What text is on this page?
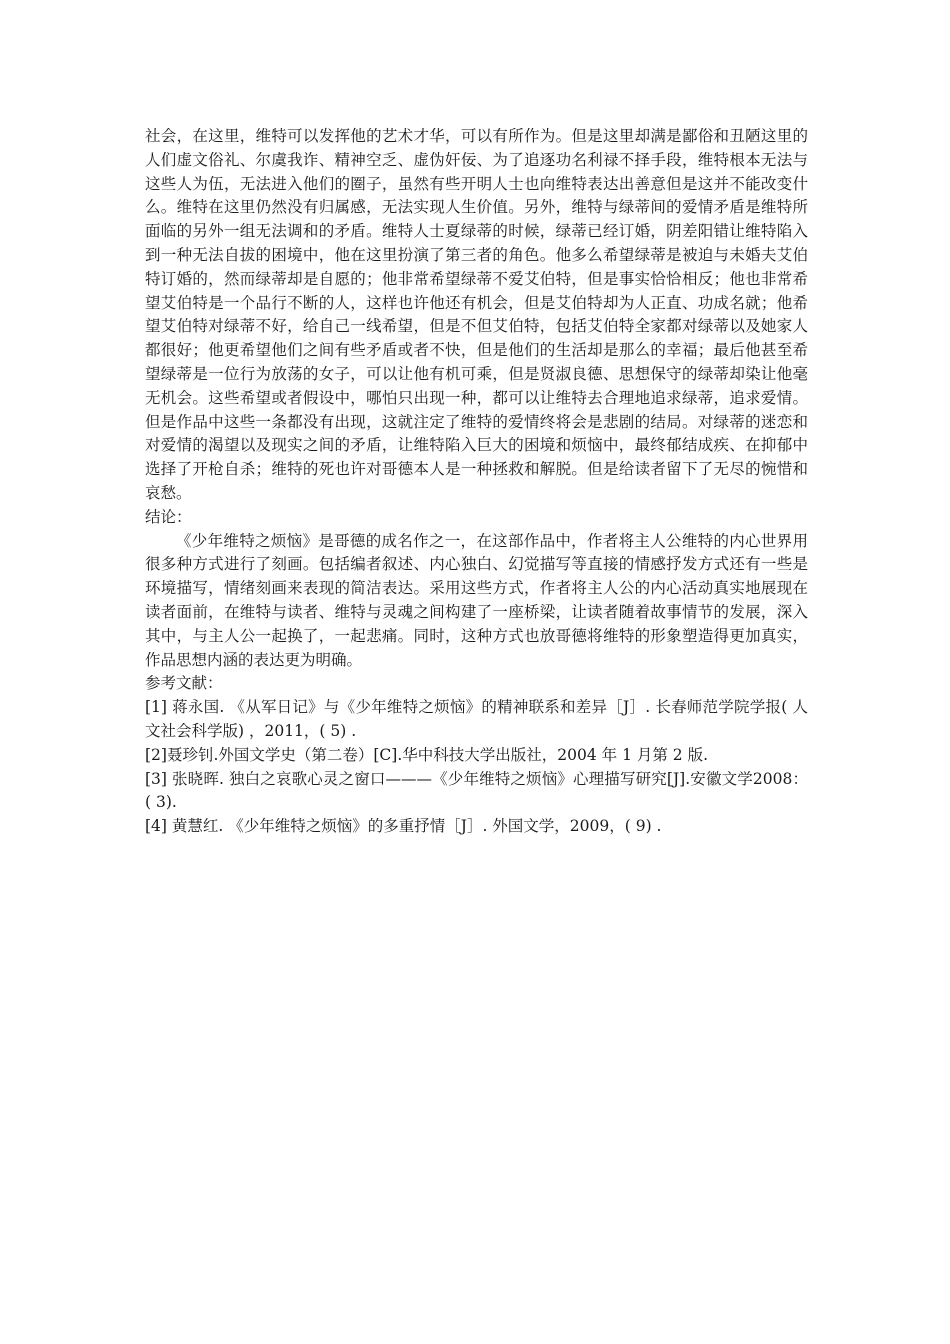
社会，在这里，维特可以发挥他的艺术才华，可以有所作为。但是这里却满是鄙俗和丑陋这里的人们虚文俗礼、尔虞我诈、精神空乏、虚伪奸佞、为了追逐功名利禄不择手段，维特根本无法与这些人为伍，无法进入他们的圈子，虽然有些开明人士也向维特表达出善意但是这并不能改变什么。维特在这里仍然没有归属感，无法实现人生价值。另外，维特与绿蒂间的爱情矛盾是维特所面临的另外一组无法调和的矛盾。维特人士夏绿蒂的时候，绿蒂已经订婚，阴差阳错让维特陷入到一种无法自拔的困境中，他在这里扮演了第三者的角色。他多么希望绿蒂是被迫与未婚夫艾伯特订婚的，然而绿蒂却是自愿的；他非常希望绿蒂不爱艾伯特，但是事实恰恰相反；他也非常希望艾伯特是一个品行不断的人，这样也许他还有机会，但是艾伯特却为人正直、功成名就；他希望艾伯特对绿蒂不好，给自己一线希望，但是不但艾伯特，包括艾伯特全家都对绿蒂以及她家人都很好；他更希望他们之间有些矛盾或者不快，但是他们的生活却是那么的幸福；最后他甚至希望绿蒂是一位行为放荡的女子，可以让他有机可乘，但是贤淑良德、思想保守的绿蒂却染让他毫无机会。这些希望或者假设中，哪怕只出现一种，都可以让维特去合理地追求绿蒂，追求爱情。但是作品中这些一条都没有出现，这就注定了维特的爱情终将会是悲剧的结局。对绿蒂的迷恋和对爱情的渴望以及现实之间的矛盾，让维特陷入巨大的困境和烦恼中，最终郁结成疾、在抑郁中选择了开枪自杀；维特的死也许对哥德本人是一种拯救和解脱。但是给读者留下了无尽的惋惜和哀愁。

结论：

《少年维特之烦恼》是哥德的成名作之一，在这部作品中，作者将主人公维特的内心世界用很多种方式进行了刻画。包括编者叙述、内心独白、幻觉描写等直接的情感抒发方式还有一些是环境描写，情绪刻画来表现的简洁表达。采用这些方式，作者将主人公的内心活动真实地展现在读者面前，在维特与读者、维特与灵魂之间构建了一座桥梁，让读者随着故事情节的发展，深入其中，与主人公一起换了，一起悲痛。同时，这种方式也放哥德将维特的形象塑造得更加真实，作品思想内涵的表达更为明确。

参考文献：

[1] 蒋永国. 《从军日记》与《少年维特之烦恼》的精神联系和差异［J］. 长春师范学院学报( 人文社会科学版) ，2011，( 5) .

[2]聂珍钊.外国文学史（第二卷）[C].华中科技大学出版社，2004 年 1 月第 2 版.

[3] 张晓晖. 独白之哀歌心灵之窗口———《少年维特之烦恼》心理描写研究[J].安徽文学2008：( 3).

[4] 黄慧红. 《少年维特之烦恼》的多重抒情［J］. 外国文学，2009，( 9) .
